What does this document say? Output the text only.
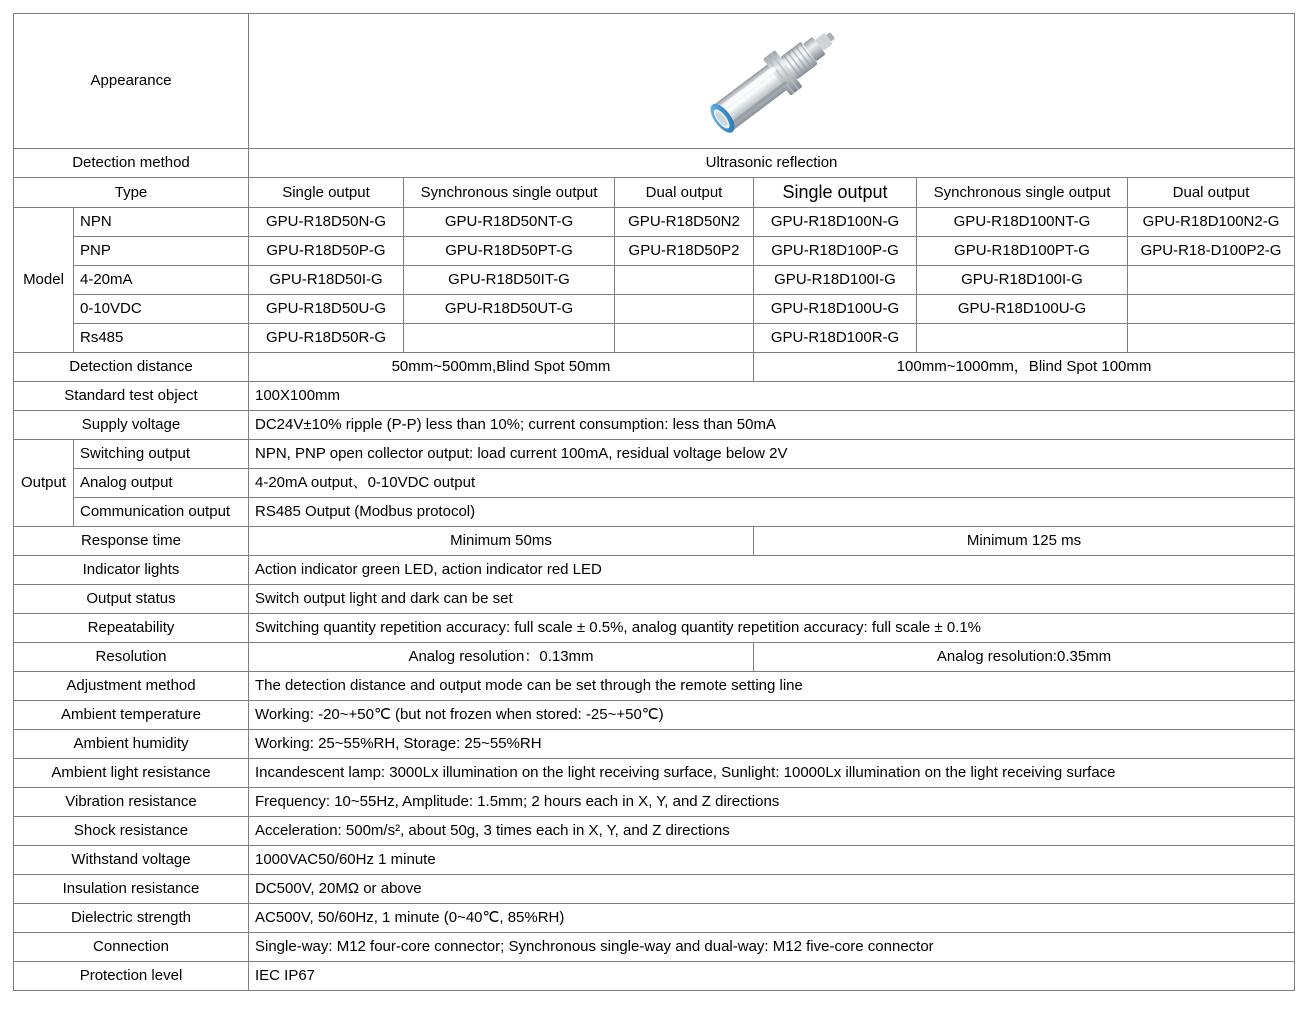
Appearance	

Detection method		Ultrasonic reflection					
Type		Single output	Synchronous single output	Dual output	Single output	Synchronous single output	Dual output
Model	NPN	GPU-R18D50N-G	GPU-R18D50NT-G	GPU-R18D50N2	GPU-R18D100N-G	GPU-R18D100NT-G	GPU-R18D100N2-G
	PNP	GPU-R18D50P-G	GPU-R18D50PT-G	GPU-R18D50P2	GPU-R18D100P-G	GPU-R18D100PT-G	GPU-R18-D100P2-G
	4-20mA	GPU-R18D50I-G	GPU-R18D50IT-G		GPU-R18D100I-G	GPU-R18D100I-G	
	0-10VDC	GPU-R18D50U-G	GPU-R18D50UT-G		GPU-R18D100U-G	GPU-R18D100U-G	
	Rs485	GPU-R18D50R-G			GPU-R18D100R-G		
Detection distance		50mm~500mm,Blind Spot 50mm			100mm~1000mm，Blind Spot 100mm		
Standard test object		100X100mm					
Supply voltage		DC24V±10% ripple (P-P) less than 10%; current consumption: less than 50mA					
Output	Switching output	NPN, PNP open collector output: load current 100mA, residual voltage below 2V					
	Analog output	4-20mA output、0-10VDC output					
	Communication output	RS485 Output (Modbus protocol)					
Response time		Minimum 50ms			Minimum 125 ms		
Indicator lights		Action indicator green LED, action indicator red LED					
Output status		Switch output light and dark can be set					
Repeatability		Switching quantity repetition accuracy: full scale ± 0.5%, analog quantity repetition accuracy: full scale ± 0.1%					
Resolution		Analog resolution：0.13mm			Analog resolution:0.35mm		
Adjustment method		The detection distance and output mode can be set through the remote setting line					
Ambient temperature		Working: -20~+50℃ (but not frozen when stored: -25~+50℃)					
Ambient humidity		Working: 25~55%RH, Storage: 25~55%RH					
Ambient light resistance		Incandescent lamp: 3000Lx illumination on the light receiving surface, Sunlight: 10000Lx illumination on the light receiving surface					
Vibration resistance		Frequency: 10~55Hz, Amplitude: 1.5mm; 2 hours each in X, Y, and Z directions					
Shock resistance		Acceleration: 500m/s², about 50g, 3 times each in X, Y, and Z directions					
Withstand voltage		1000VAC50/60Hz 1 minute					
Insulation resistance		DC500V, 20MΩ or above					
Dielectric strength		AC500V, 50/60Hz, 1 minute (0~40℃, 85%RH)					
Connection		Single-way: M12 four-core connector; Synchronous single-way and dual-way: M12 five-core connector					
Protection level		IEC IP67					
